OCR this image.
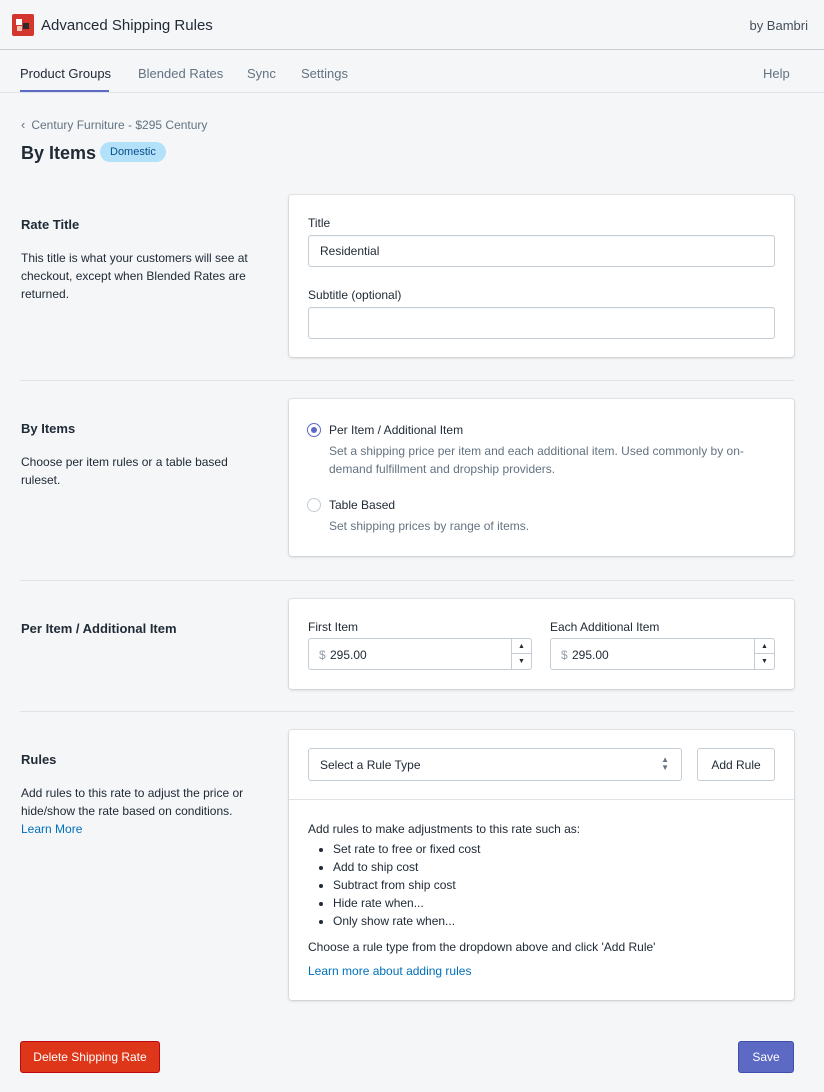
Advanced Shipping Rules	by Bambri
Product Groups Blended Rates Sync Settings	Help
‹ Century Furniture - $295 Century
By Items	Domestic
Rate Title
This title is what your customers will see at checkout, except when Blended Rates are returned.
Title
Residential
Subtitle (optional)
By Items
Choose per item rules or a table based ruleset.
Per Item / Additional Item
Set a shipping price per item and each additional item. Used commonly by on-demand fulfillment and dropship providers.
Table Based
Set shipping prices by range of items.
Per Item / Additional Item	First Item
$ 295.00
▲
▼
Each Additional Item
$ 295.00
▲
▼
Rules
Add rules to this rate to adjust the price or hide/show the rate based on conditions.
Learn More
Select a Rule Type	▲
▼	Add Rule
Add rules to make adjustments to this rate such as:
• Set rate to free or fixed cost
• Add to ship cost
• Subtract from ship cost
• Hide rate when...
• Only show rate when...
Choose a rule type from the dropdown above and click 'Add Rule'
Learn more about adding rules
Delete Shipping Rate	Save
